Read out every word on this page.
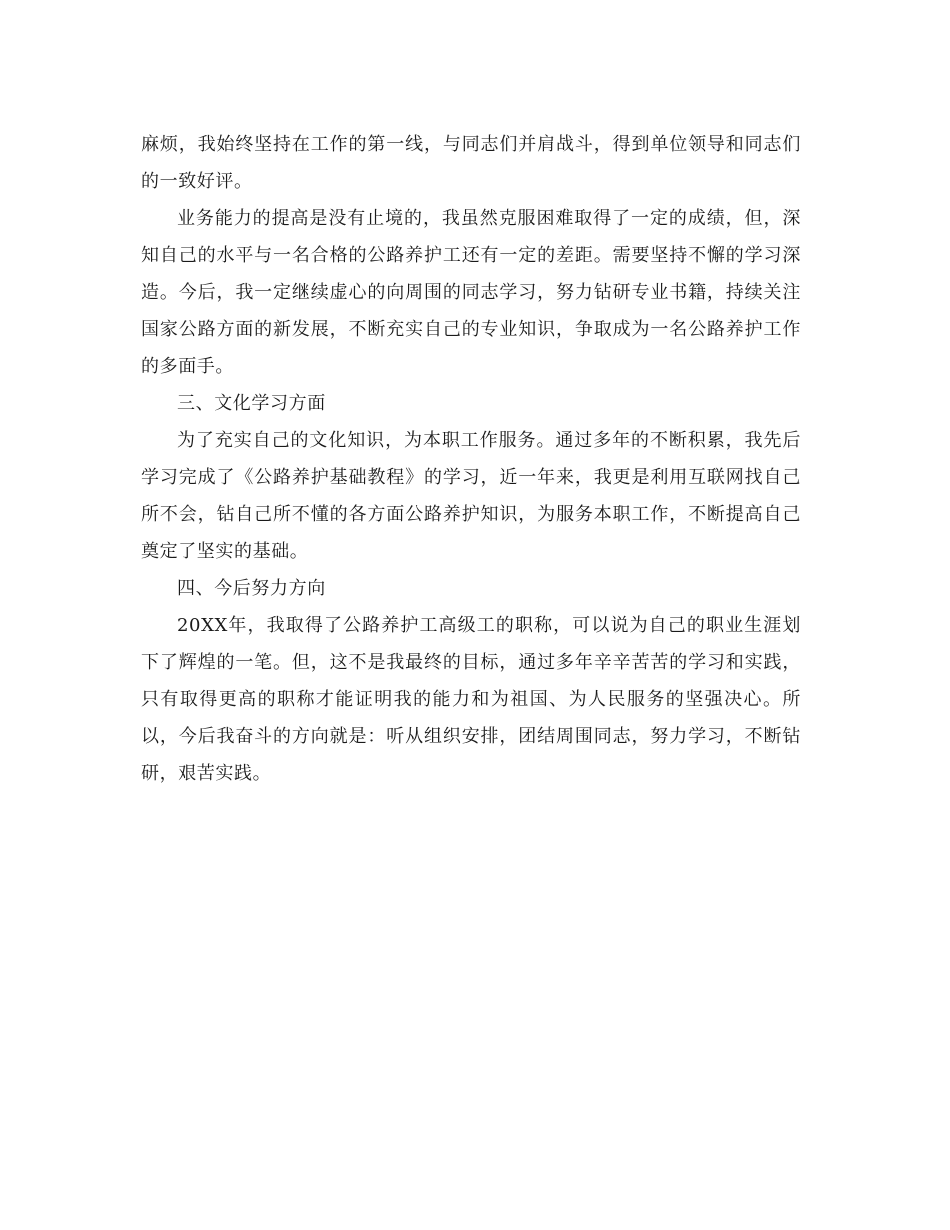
麻烦，我始终坚持在工作的第一线，与同志们并肩战斗，得到单位领导和同志们的一致好评。

业务能力的提高是没有止境的，我虽然克服困难取得了一定的成绩，但，深知自己的水平与一名合格的公路养护工还有一定的差距。需要坚持不懈的学习深造。今后，我一定继续虚心的向周围的同志学习，努力钻研专业书籍，持续关注国家公路方面的新发展，不断充实自己的专业知识，争取成为一名公路养护工作的多面手。

三、文化学习方面

为了充实自己的文化知识，为本职工作服务。通过多年的不断积累，我先后学习完成了《公路养护基础教程》的学习，近一年来，我更是利用互联网找自己所不会，钻自己所不懂的各方面公路养护知识，为服务本职工作，不断提高自己奠定了坚实的基础。

四、今后努力方向

20XX年，我取得了公路养护工高级工的职称，可以说为自己的职业生涯划下了辉煌的一笔。但，这不是我最终的目标，通过多年辛辛苦苦的学习和实践，只有取得更高的职称才能证明我的能力和为祖国、为人民服务的坚强决心。所以，今后我奋斗的方向就是：听从组织安排，团结周围同志，努力学习，不断钻研，艰苦实践。
